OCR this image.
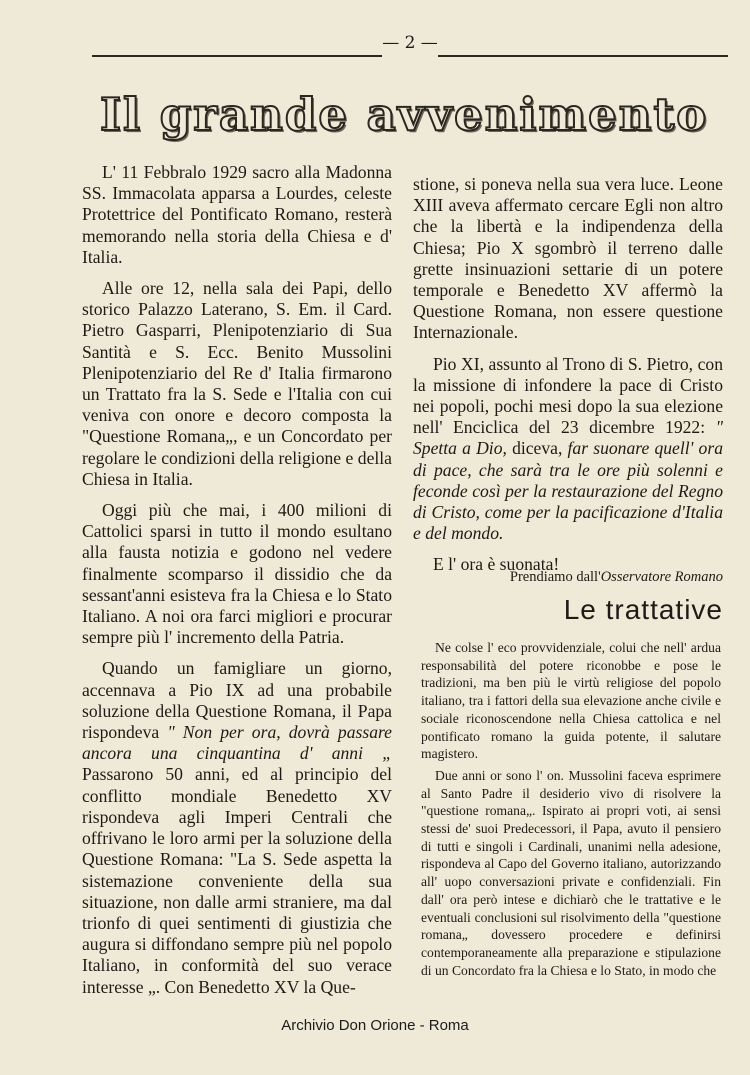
— 2 —
Il grande avvenimento

L' 11 Febbralo 1929 sacro alla Madonna SS. Immacolata apparsa a Lourdes, celeste Protettrice del Pontificato Romano, resterà memorando nella storia della Chiesa e d' Italia.

Alle ore 12, nella sala dei Papi, dello storico Palazzo Laterano, S. Em. il Card. Pietro Gasparri, Plenipotenziario di Sua Santità e S. Ecc. Benito Mussolini Plenipotenziario del Re d' Italia firmarono un Trattato fra la S. Sede e l'Italia con cui veniva con onore e decoro composta la "Questione Romana„, e un Concordato per regolare le condizioni della religione e della Chiesa in Italia.

Oggi più che mai, i 400 milioni di Cattolici sparsi in tutto il mondo esultano alla fausta notizia e godono nel vedere finalmente scomparso il dissidio che da sessant'anni esisteva fra la Chiesa e lo Stato Italiano. A noi ora farci migliori e procurar sempre più l' incremento della Patria.

Quando un famigliare un giorno, accennava a Pio IX ad una probabile soluzione della Questione Romana, il Papa rispondeva " Non per ora, dovrà passare ancora una cinquantina d' anni „ Passarono 50 anni, ed al principio del conflitto mondiale Benedetto XV rispondeva agli Imperi Centrali che offrivano le loro armi per la soluzione della Questione Romana: "La S. Sede aspetta la sistemazione conveniente della sua situazione, non dalle armi straniere, ma dal trionfo di quei sentimenti di giustizia che augura si diffondano sempre più nel popolo Italiano, in conformità del suo verace interesse „. Con Benedetto XV la Que-

stione, si poneva nella sua vera luce. Leone XIII aveva affermato cercare Egli non altro che la libertà e la indipendenza della Chiesa; Pio X sgombrò il terreno dalle grette insinuazioni settarie di un potere temporale e Benedetto XV affermò la Questione Romana, non essere questione Internazionale.

Pio XI, assunto al Trono di S. Pietro, con la missione di infondere la pace di Cristo nei popoli, pochi mesi dopo la sua elezione nell' Enciclica del 23 dicembre 1922: " Spetta a Dio, diceva, far suonare quell' ora di pace, che sarà tra le ore più solenni e feconde così per la restaurazione del Regno di Cristo, come per la pacificazione d'Italia e del mondo.

E l' ora è suonata!

Prendiamo dall'Osservatore Romano
Le trattative

Ne colse l' eco provvidenziale, colui che nell' ardua responsabilità del potere riconobbe e pose le tradizioni, ma ben più le virtù religiose del popolo italiano, tra i fattori della sua elevazione anche civile e sociale riconoscendone nella Chiesa cattolica e nel pontificato romano la guida potente, il salutare magistero.

Due anni or sono l' on. Mussolini faceva esprimere al Santo Padre il desiderio vivo di risolvere la "questione romana„. Ispirato ai propri voti, ai sensi stessi de' suoi Predecessori, il Papa, avuto il pensiero di tutti e singoli i Cardinali, unanimi nella adesione, rispondeva al Capo del Governo italiano, autorizzando all' uopo conversazioni private e confidenziali. Fin dall' ora però intese e dichiarò che le trattative e le eventuali conclusioni sul risolvimento della "questione romana„ dovessero procedere e definirsi contemporaneamente alla preparazione e stipulazione di un Concordato fra la Chiesa e lo Stato, in modo che

Archivio Don Orione - Roma
